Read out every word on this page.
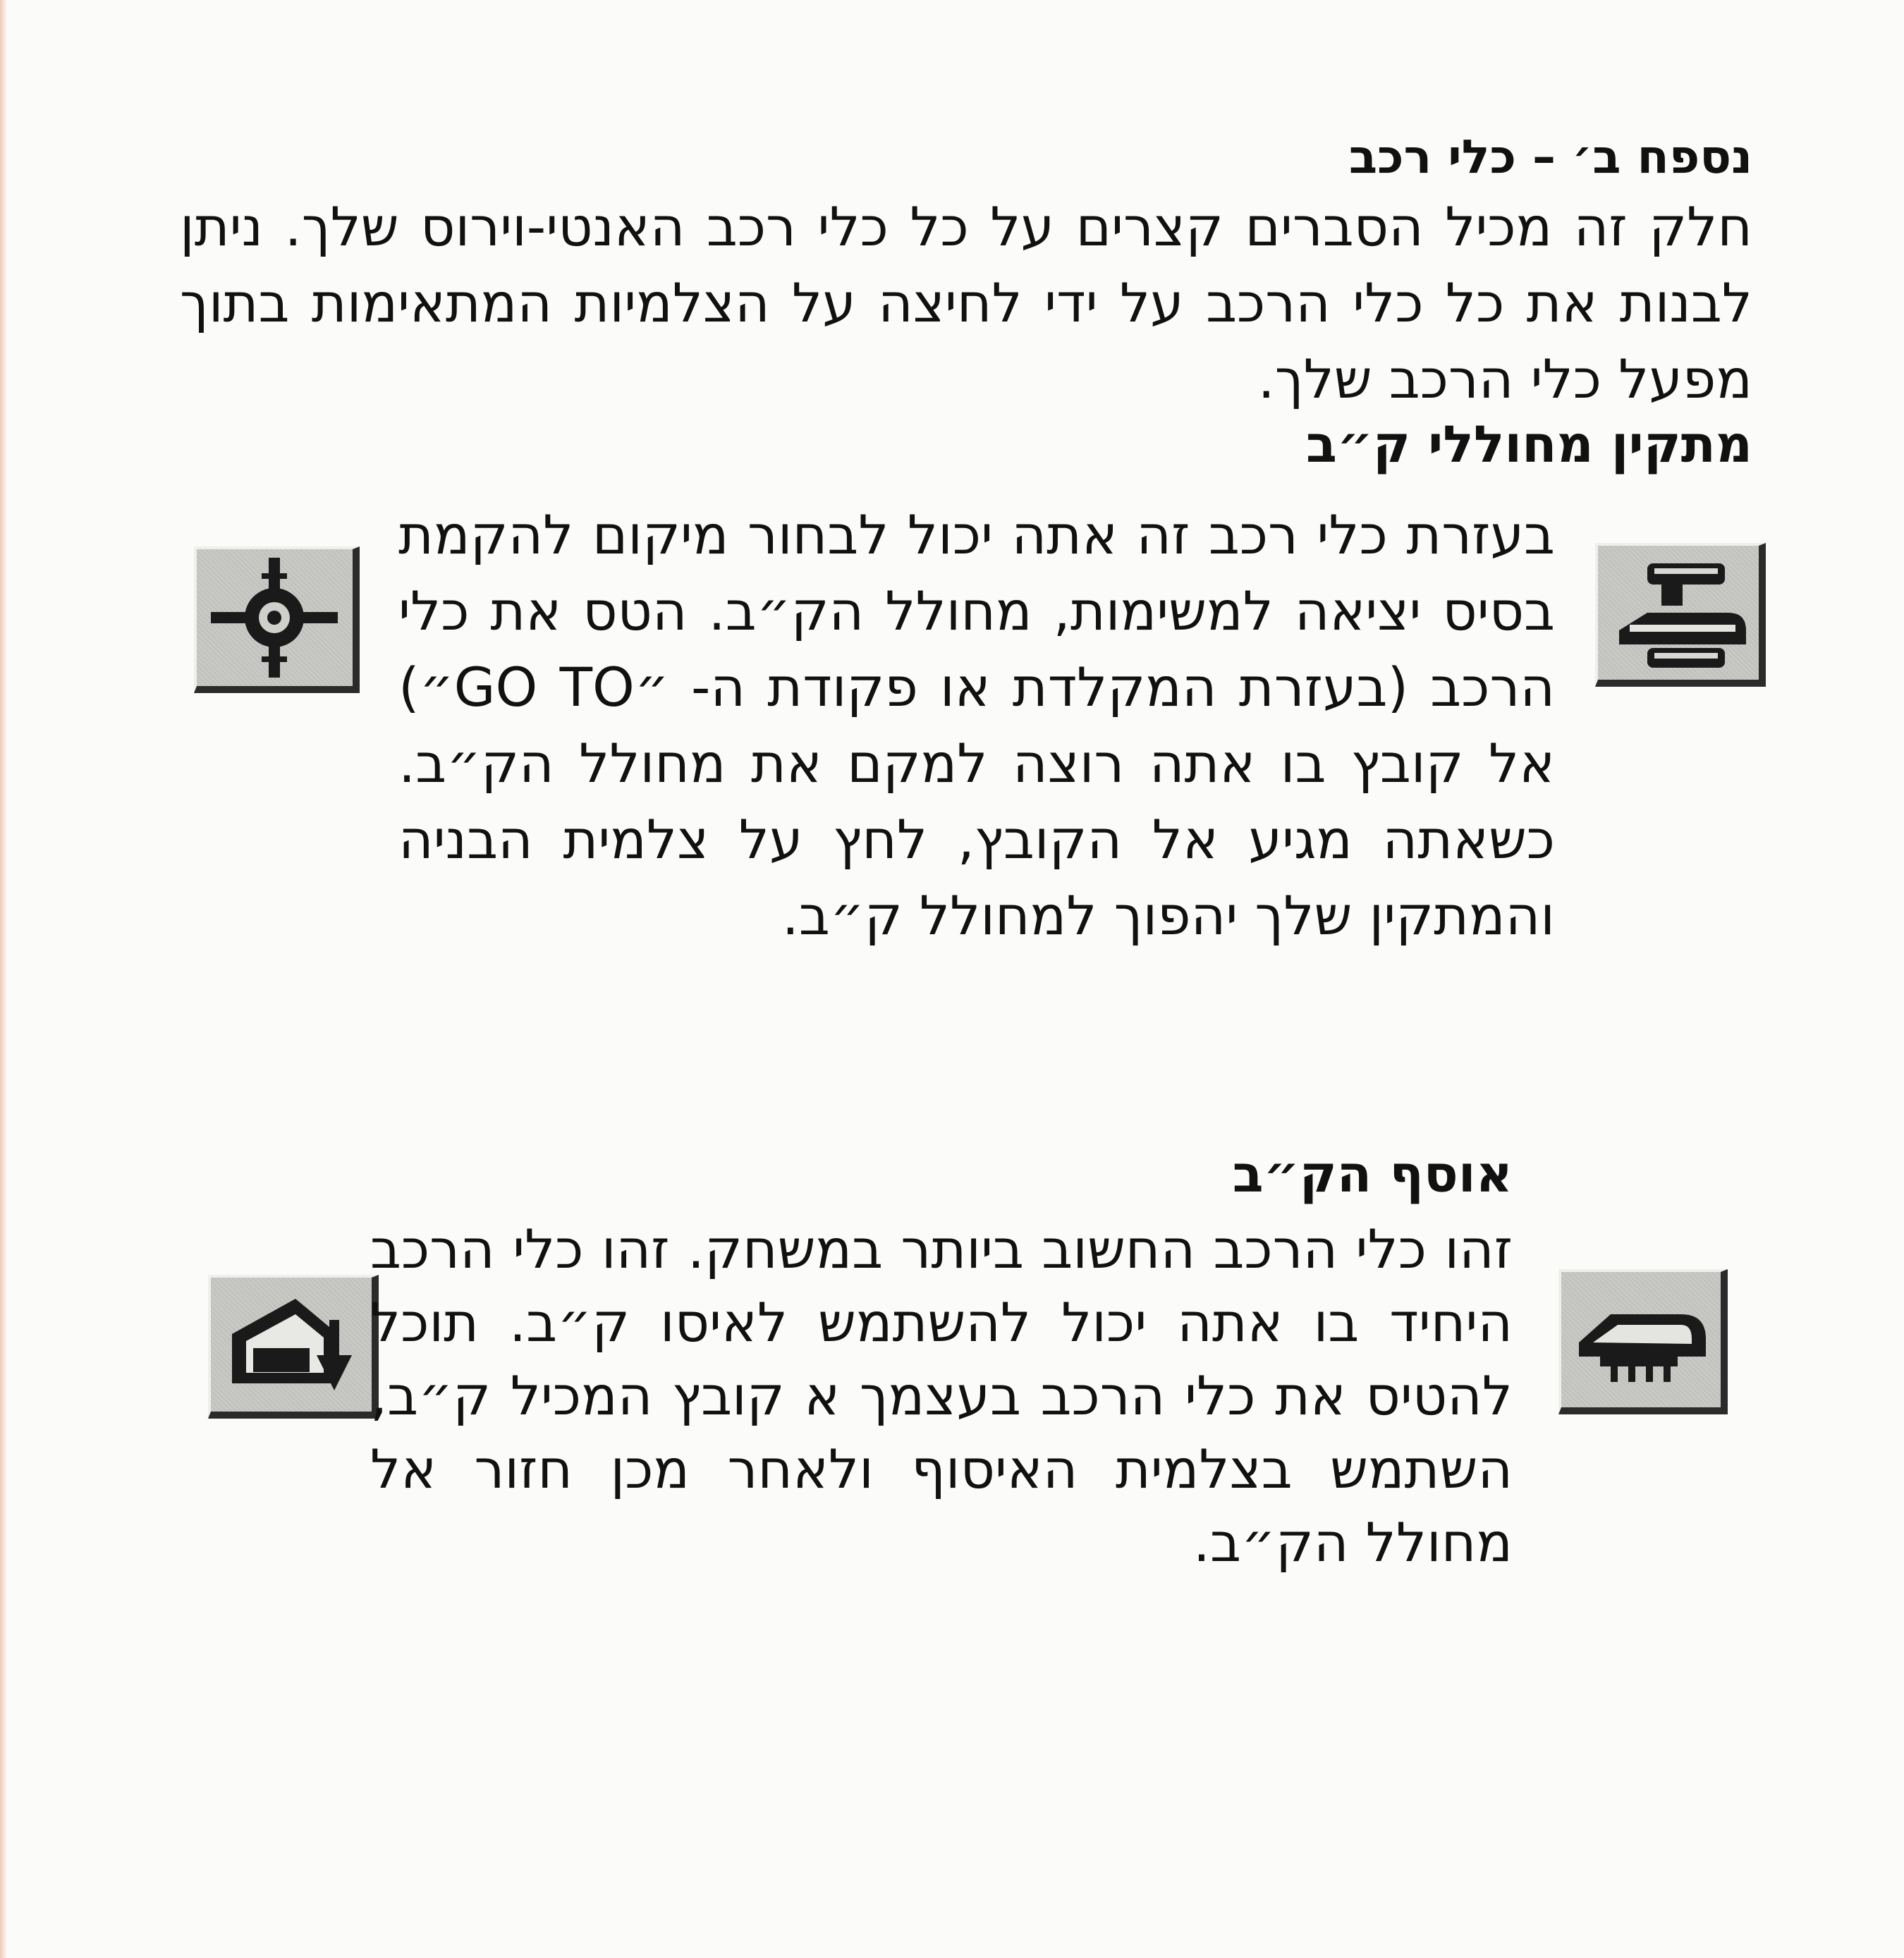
נספח ב׳ – כלי רכב

חלק זה מכיל הסברים קצרים על כל כלי רכב האנטי-וירוס שלך. ניתן לבנות את כל כלי הרכב על ידי לחיצה על הצלמיות המתאימות בתוך מפעל כלי הרכב שלך.

מתקין מחוללי ק״ב

בעזרת כלי רכב זה אתה יכול לבחור מיקום להקמת בסיס יציאה למשימות, מחולל הק״ב. הטס את כלי הרכב (בעזרת המקלדת או פקודת ה- ״GO TO״) אל קובץ בו אתה רוצה למקם את מחולל הק״ב. כשאתה מגיע אל הקובץ, לחץ על צלמית הבניה והמתקין שלך יהפוך למחולל ק״ב.

אוסף הק״ב

זהו כלי הרכב החשוב ביותר במשחק. זהו כלי הרכב היחיד בו אתה יכול להשתמש לאיסו ק״ב. תוכל להטיס את כלי הרכב בעצמך א קובץ המכיל ק״ב, השתמש בצלמית האיסוף ולאחר מכן חזור אל מחולל הק״ב.
